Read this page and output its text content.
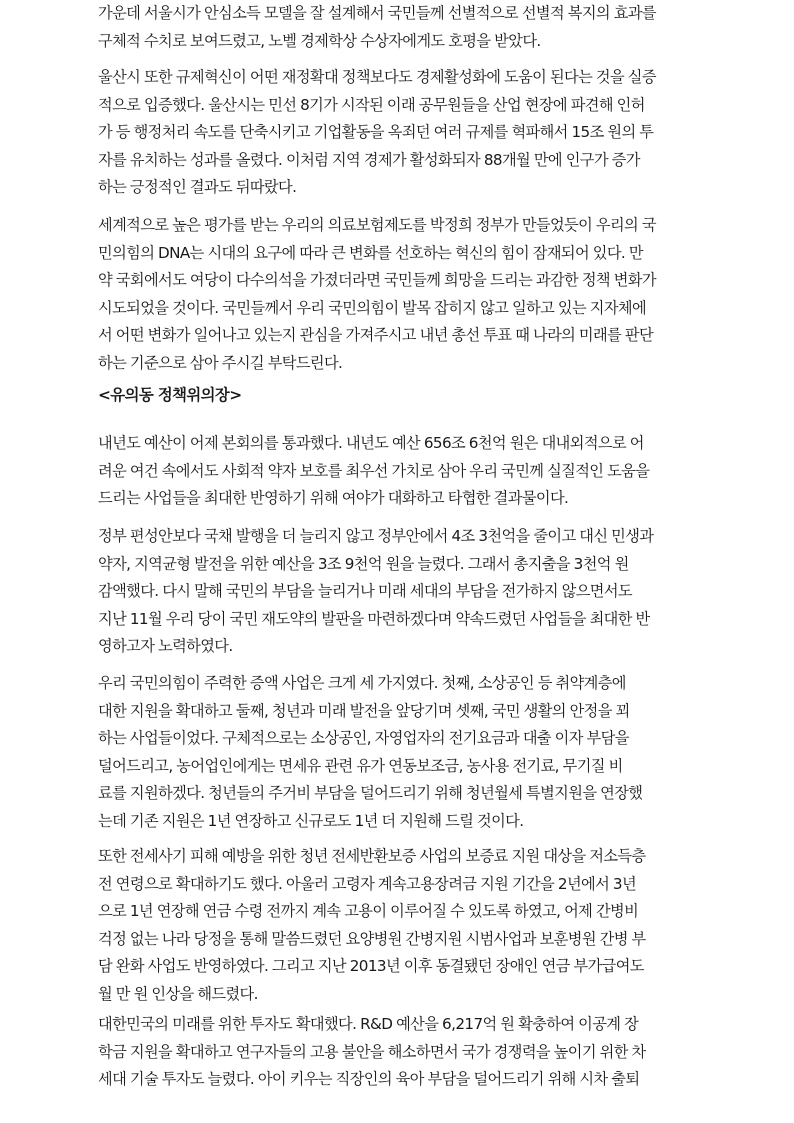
가운데 서울시가 안심소득 모델을 잘 설계해서 국민들께 선별적으로 선별적 복지의 효과를
구체적 수치로 보여드렸고, 노벨 경제학상 수상자에게도 호평을 받았다.
울산시 또한 규제혁신이 어떤 재정확대 정책보다도 경제활성화에 도움이 된다는 것을 실증
적으로 입증했다. 울산시는 민선 8기가 시작된 이래 공무원들을 산업 현장에 파견해 인허
가 등 행정처리 속도를 단축시키고 기업활동을 옥죄던 여러 규제를 혁파해서 15조 원의 투
자를 유치하는 성과를 올렸다. 이처럼 지역 경제가 활성화되자 88개월 만에 인구가 증가
하는 긍정적인 결과도 뒤따랐다.
세계적으로 높은 평가를 받는 우리의 의료보험제도를 박정희 정부가 만들었듯이 우리의 국
민의힘의 DNA는 시대의 요구에 따라 큰 변화를 선호하는 혁신의 힘이 잠재되어 있다. 만
약 국회에서도 여당이 다수의석을 가졌더라면 국민들께 희망을 드리는 과감한 정책 변화가
시도되었을 것이다. 국민들께서 우리 국민의힘이 발목 잡히지 않고 일하고 있는 지자체에
서 어떤 변화가 일어나고 있는지 관심을 가져주시고 내년 총선 투표 때 나라의 미래를 판단
하는 기준으로 삼아 주시길 부탁드린다.
<유의동 정책위의장>
내년도 예산이 어제 본회의를 통과했다. 내년도 예산 656조 6천억 원은 대내외적으로 어
려운 여건 속에서도 사회적 약자 보호를 최우선 가치로 삼아 우리 국민께 실질적인 도움을
드리는 사업들을 최대한 반영하기 위해 여야가 대화하고 타협한 결과물이다.
정부 편성안보다 국채 발행을 더 늘리지 않고 정부안에서 4조 3천억을 줄이고 대신 민생과
약자, 지역균형 발전을 위한 예산을 3조 9천억 원을 늘렸다. 그래서 총지출을 3천억 원
감액했다. 다시 말해 국민의 부담을 늘리거나 미래 세대의 부담을 전가하지 않으면서도
지난 11월 우리 당이 국민 재도약의 발판을 마련하겠다며 약속드렸던 사업들을 최대한 반
영하고자 노력하였다.
우리 국민의힘이 주력한 증액 사업은 크게 세 가지였다. 첫째, 소상공인 등 취약계층에
대한 지원을 확대하고 둘째, 청년과 미래 발전을 앞당기며 셋째, 국민 생활의 안정을 꾀
하는 사업들이었다. 구체적으로는 소상공인, 자영업자의 전기요금과 대출 이자 부담을
덜어드리고, 농어업인에게는 면세유 관련 유가 연동보조금, 농사용 전기료, 무기질 비
료를 지원하겠다. 청년들의 주거비 부담을 덜어드리기 위해 청년월세 특별지원을 연장했
는데 기존 지원은 1년 연장하고 신규로도 1년 더 지원해 드릴 것이다.
또한 전세사기 피해 예방을 위한 청년 전세반환보증 사업의 보증료 지원 대상을 저소득층
전 연령으로 확대하기도 했다. 아울러 고령자 계속고용장려금 지원 기간을 2년에서 3년
으로 1년 연장해 연금 수령 전까지 계속 고용이 이루어질 수 있도록 하였고, 어제 간병비
걱정 없는 나라 당정을 통해 말씀드렸던 요양병원 간병지원 시범사업과 보훈병원 간병 부
담 완화 사업도 반영하였다. 그리고 지난 2013년 이후 동결됐던 장애인 연금 부가급여도
월 만 원 인상을 해드렸다.
대한민국의 미래를 위한 투자도 확대했다. R&D 예산을 6,217억 원 확충하여 이공계 장
학금 지원을 확대하고 연구자들의 고용 불안을 해소하면서 국가 경쟁력을 높이기 위한 차
세대 기술 투자도 늘렸다. 아이 키우는 직장인의 육아 부담을 덜어드리기 위해 시차 출퇴
